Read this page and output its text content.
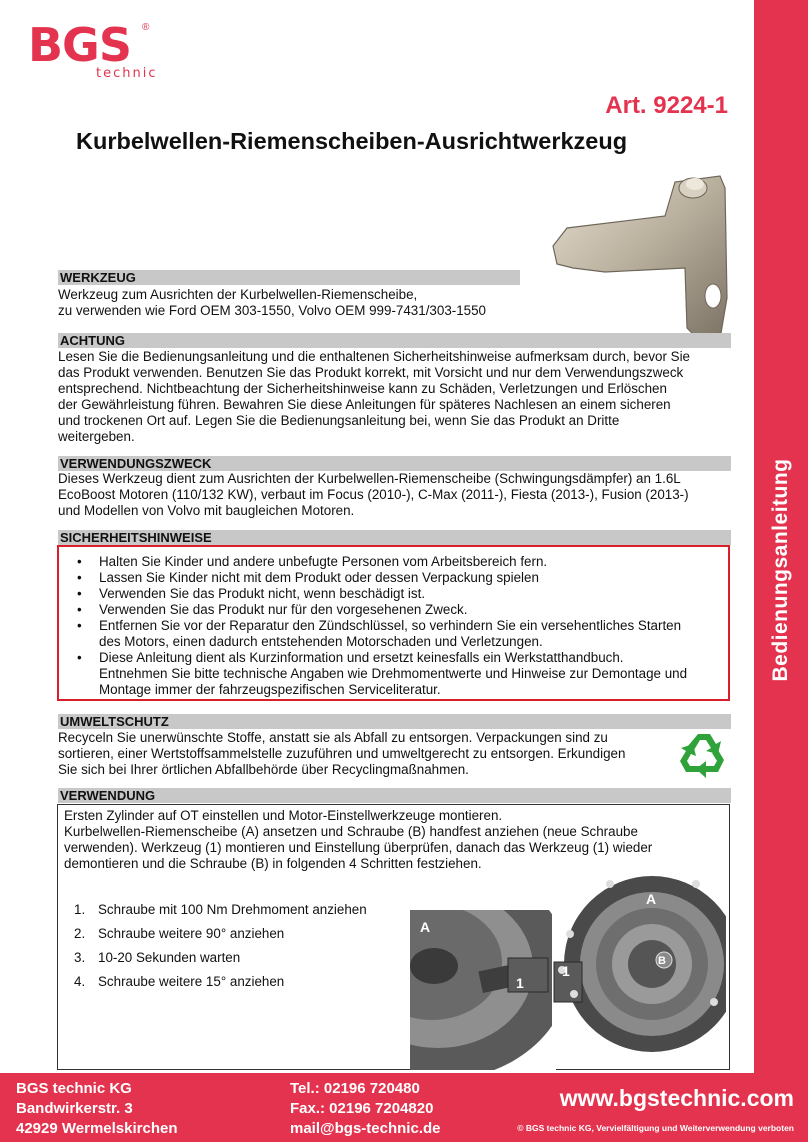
Bedienungsanleitung
BGS ®
technic
Art. 9224-1
Kurbelwellen-Riemenscheiben-Ausrichtwerkzeug
WERKZEUG
Werkzeug zum Ausrichten der Kurbelwellen-Riemenscheibe,
zu verwenden wie Ford OEM 303-1550, Volvo OEM 999-7431/303-1550
ACHTUNG
Lesen Sie die Bedienungsanleitung und die enthaltenen Sicherheitshinweise aufmerksam durch, bevor Sie
das Produkt verwenden. Benutzen Sie das Produkt korrekt, mit Vorsicht und nur dem Verwendungszweck
entsprechend. Nichtbeachtung der Sicherheitshinweise kann zu Schäden, Verletzungen und Erlöschen
der Gewährleistung führen. Bewahren Sie diese Anleitungen für späteres Nachlesen an einem sicheren
und trockenen Ort auf. Legen Sie die Bedienungsanleitung bei, wenn Sie das Produkt an Dritte
weitergeben.
VERWENDUNGSZWECK
Dieses Werkzeug dient zum Ausrichten der Kurbelwellen-Riemenscheibe (Schwingungsdämpfer) an 1.6L
EcoBoost Motoren (110/132 KW), verbaut im Focus (2010-), C-Max (2011-), Fiesta (2013-), Fusion (2013-)
und Modellen von Volvo mit baugleichen Motoren.
SICHERHEITSHINWEISE
• Halten Sie Kinder und andere unbefugte Personen vom Arbeitsbereich fern.
• Lassen Sie Kinder nicht mit dem Produkt oder dessen Verpackung spielen
• Verwenden Sie das Produkt nicht, wenn beschädigt ist.
• Verwenden Sie das Produkt nur für den vorgesehenen Zweck.
• Entfernen Sie vor der Reparatur den Zündschlüssel, so verhindern Sie ein versehentliches Starten
des Motors, einen dadurch entstehenden Motorschaden und Verletzungen.
• Diese Anleitung dient als Kurzinformation und ersetzt keinesfalls ein Werkstatthandbuch.
Entnehmen Sie bitte technische Angaben wie Drehmomentwerte und Hinweise zur Demontage und
Montage immer der fahrzeugspezifischen Serviceliteratur.
UMWELTSCHUTZ
Recyceln Sie unerwünschte Stoffe, anstatt sie als Abfall zu entsorgen. Verpackungen sind zu
sortieren, einer Wertstoffsammelstelle zuzuführen und umweltgerecht zu entsorgen. Erkundigen
Sie sich bei Ihrer örtlichen Abfallbehörde über Recyclingmaßnahmen.
VERWENDUNG
Ersten Zylinder auf OT einstellen und Motor-Einstellwerkzeuge montieren.
Kurbelwellen-Riemenscheibe (A) ansetzen und Schraube (B) handfest anziehen (neue Schraube
verwenden). Werkzeug (1) montieren und Einstellung überprüfen, danach das Werkzeug (1) wieder
demontieren und die Schraube (B) in folgenden 4 Schritten festziehen.
1. Schraube mit 100 Nm Drehmoment anziehen
2. Schraube weitere 90° anziehen
3. 10-20 Sekunden warten
4. Schraube weitere 15° anziehen
A
1
A
B
1
BGS technic KG
Bandwirkerstr. 3
42929 Wermelskirchen
Tel.: 02196 720480
Fax.: 02196 7204820
mail@bgs-technic.de
www.bgstechnic.com
© BGS technic KG, Vervielfältigung und Weiterverwendung verboten
